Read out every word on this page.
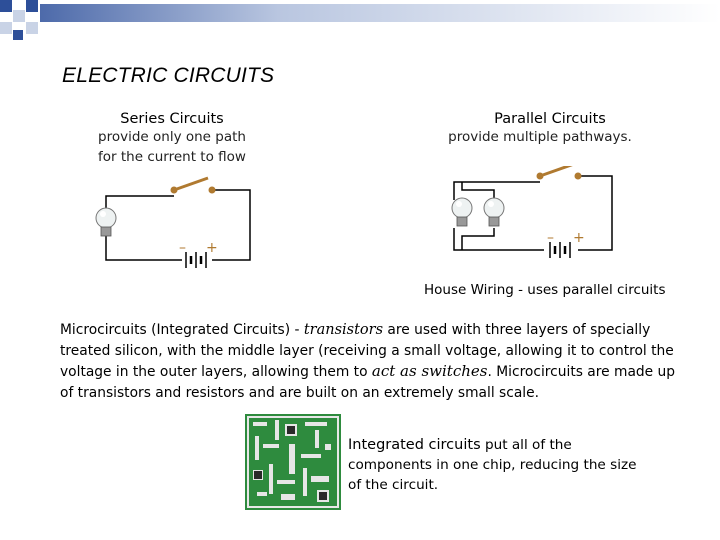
ELECTRIC CIRCUITS
Series Circuits
provide only one path
for the current to flow
– +
Parallel Circuits
provide multiple pathways.
– +
House Wiring - uses parallel circuits
Microcircuits (Integrated Circuits) - transistors are used with three layers of specially treated silicon, with the middle layer (receiving a small voltage, allowing it to control the voltage in the outer layers, allowing them to act as switches. Microcircuits are made up of transistors and resistors and are built on an extremely small scale.
Integrated circuits put all of the components in one chip, reducing the size of the circuit.
